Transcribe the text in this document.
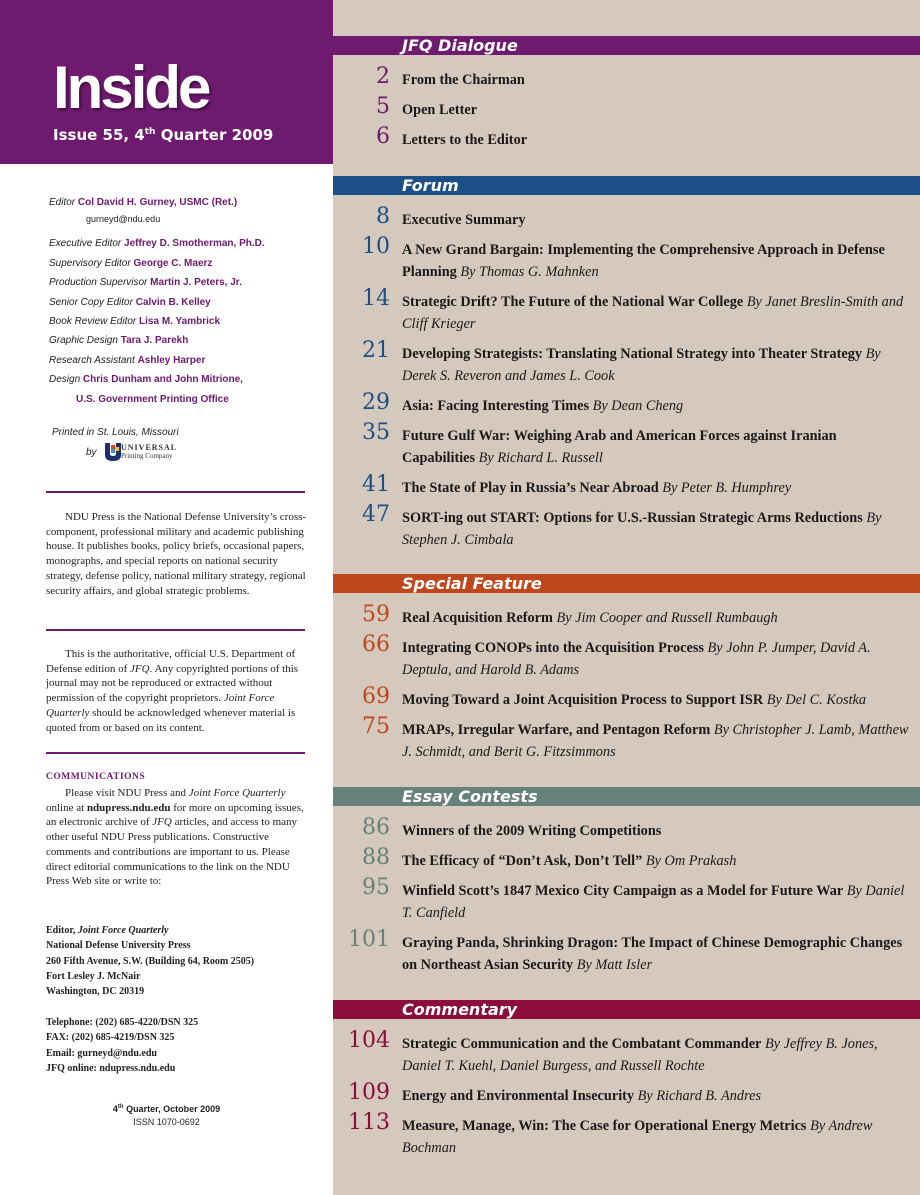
Inside
Issue 55, 4th Quarter 2009
Editor Col David H. Gurney, USMC (Ret.)
gurneyd@ndu.edu
Executive Editor Jeffrey D. Smotherman, Ph.D.
Supervisory Editor George C. Maerz
Production Supervisor Martin J. Peters, Jr.
Senior Copy Editor Calvin B. Kelley
Book Review Editor Lisa M. Yambrick
Graphic Design Tara J. Parekh
Research Assistant Ashley Harper
Design Chris Dunham and John Mitrione,
U.S. Government Printing Office
Printed in St. Louis, Missouri
by	UNIVERSAL
Printing Company
NDU Press is the National Defense University’s cross-component, professional military and academic publishing house. It publishes books, policy briefs, occasional papers, monographs, and special reports on national security strategy, defense policy, national military strategy, regional security affairs, and global strategic problems.
This is the authoritative, official U.S. Department of Defense edition of JFQ. Any copyrighted portions of this journal may not be reproduced or extracted without permission of the copyright proprietors. Joint Force Quarterly should be acknowledged whenever material is quoted from or based on its content.
COMMUNICATIONS
Please visit NDU Press and Joint Force Quarterly online at ndupress.ndu.edu for more on upcoming issues, an electronic archive of JFQ articles, and access to many other useful NDU Press publications. Constructive comments and contributions are important to us. Please direct editorial communications to the link on the NDU Press Web site or write to:
Editor, Joint Force Quarterly
National Defense University Press
260 Fifth Avenue, S.W. (Building 64, Room 2505)
Fort Lesley J. McNair
Washington, DC 20319
Telephone: (202) 685-4220/DSN 325
FAX: (202) 685-4219/DSN 325
Email: gurneyd@ndu.edu
JFQ online: ndupress.ndu.edu
4th Quarter, October 2009
ISSN 1070-0692
JFQ Dialogue
2 From the Chairman
5 Open Letter
6 Letters to the Editor
Forum
8 Executive Summary
10 A New Grand Bargain: Implementing the Comprehensive Approach in Defense Planning By Thomas G. Mahnken
14 Strategic Drift? The Future of the National War College By Janet Breslin-Smith and Cliff Krieger
21 Developing Strategists: Translating National Strategy into Theater Strategy By Derek S. Reveron and James L. Cook
29 Asia: Facing Interesting Times By Dean Cheng
35 Future Gulf War: Weighing Arab and American Forces against Iranian Capabilities By Richard L. Russell
41 The State of Play in Russia’s Near Abroad By Peter B. Humphrey
47 SORT-ing out START: Options for U.S.-Russian Strategic Arms Reductions By Stephen J. Cimbala
Special Feature
59 Real Acquisition Reform By Jim Cooper and Russell Rumbaugh
66 Integrating CONOPs into the Acquisition Process By John P. Jumper, David A. Deptula, and Harold B. Adams
69 Moving Toward a Joint Acquisition Process to Support ISR By Del C. Kostka
75 MRAPs, Irregular Warfare, and Pentagon Reform By Christopher J. Lamb, Matthew J. Schmidt, and Berit G. Fitzsimmons
Essay Contests
86 Winners of the 2009 Writing Competitions
88 The Efficacy of “Don’t Ask, Don’t Tell” By Om Prakash
95 Winfield Scott’s 1847 Mexico City Campaign as a Model for Future War By Daniel T. Canfield
101 Graying Panda, Shrinking Dragon: The Impact of Chinese Demographic Changes on Northeast Asian Security By Matt Isler
Commentary
104 Strategic Communication and the Combatant Commander By Jeffrey B. Jones, Daniel T. Kuehl, Daniel Burgess, and Russell Rochte
109 Energy and Environmental Insecurity By Richard B. Andres
113 Measure, Manage, Win: The Case for Operational Energy Metrics By Andrew Bochman
